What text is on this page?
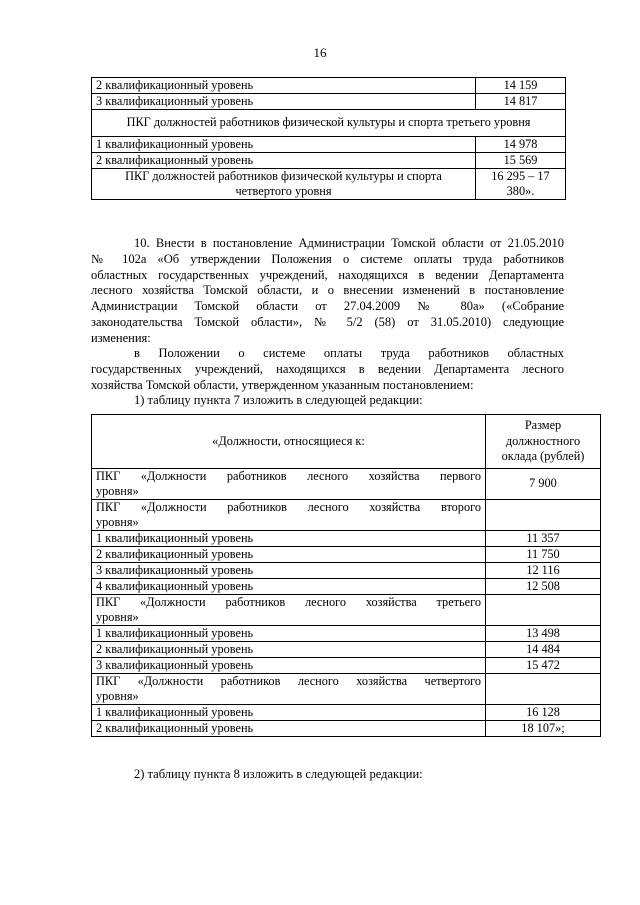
16
2 квалификационный уровень	14 159
3 квалификационный уровень	14 817
ПКГ должностей работников физической культуры и спорта третьего уровня	
1 квалификационный уровень	14 978
2 квалификационный уровень	15 569
ПКГ должностей работников физической культуры и спорта
четвертого уровня	16 295 – 17 380».
10. Внести в постановление Администрации Томской области от 21.05.2010
№ 102а «Об утверждении Положения о системе оплаты труда работников
областных государственных учреждений, находящихся в ведении Департамента
лесного хозяйства Томской области, и о внесении изменений в постановление
Администрации Томской области от 27.04.2009 № 80а» («Собрание
законодательства Томской области», № 5/2 (58) от 31.05.2010) следующие
изменения:
в Положении о системе оплаты труда работников областных
государственных учреждений, находящихся в ведении Департамента лесного
хозяйства Томской области, утвержденном указанным постановлением:
1) таблицу пункта 7 изложить в следующей редакции:
«Должности, относящиеся к:	Размер
должностного
оклада (рублей)

ПКГ «Должности работников лесного хозяйства первого
уровня»	7 900

ПКГ «Должности работников лесного хозяйства второго
уровня»	
1 квалификационный уровень	11 357
2 квалификационный уровень	11 750
3 квалификационный уровень	12 116
4 квалификационный уровень	12 508

ПКГ «Должности работников лесного хозяйства третьего
уровня»	
1 квалификационный уровень	13 498
2 квалификационный уровень	14 484
3 квалификационный уровень	15 472

ПКГ «Должности работников лесного хозяйства четвертого
уровня»	
1 квалификационный уровень	16 128
2 квалификационный уровень	18 107»;
2) таблицу пункта 8 изложить в следующей редакции:
